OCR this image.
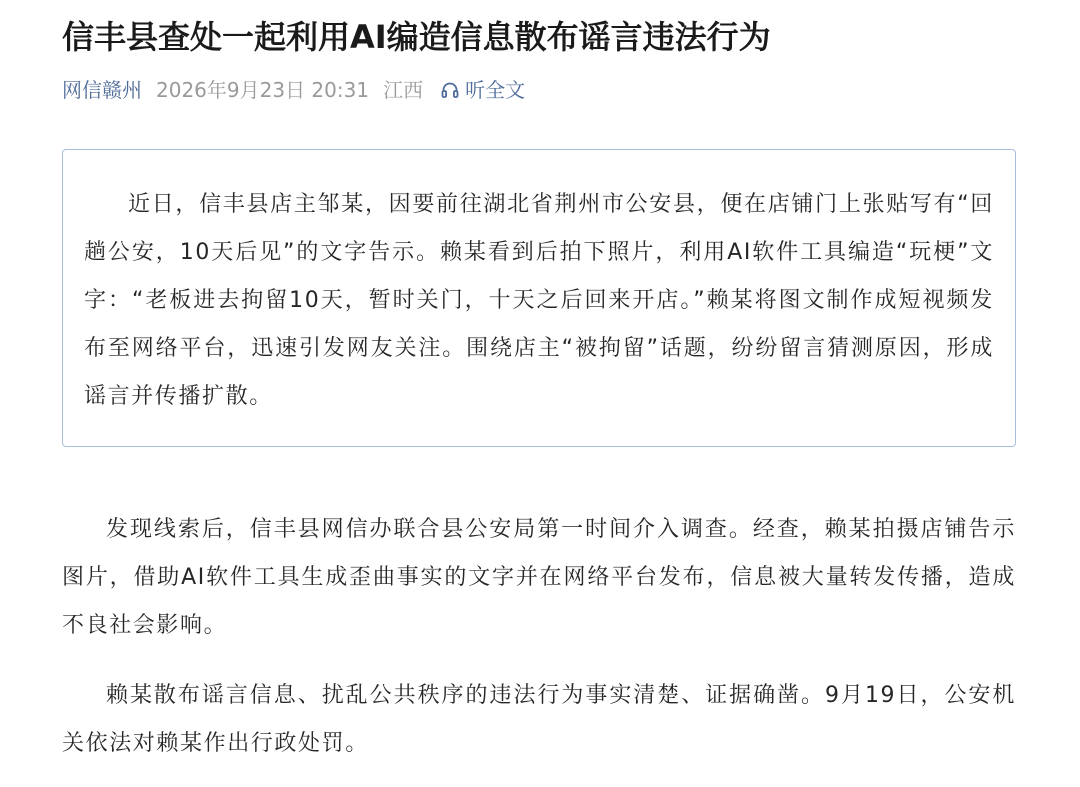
信丰县查处一起利用AI编造信息散布谣言违法行为
网信赣州 2026年9月23日 20:31 江西 听全文

近日，信丰县店主邹某，因要前往湖北省荆州市公安县，便在店铺门上张贴写有“回趟公安，10天后见”的文字告示。赖某看到后拍下照片，利用AI软件工具编造“玩梗”文字：“老板进去拘留10天，暂时关门，十天之后回来开店。”赖某将图文制作成短视频发布至网络平台，迅速引发网友关注。围绕店主“被拘留”话题，纷纷留言猜测原因，形成谣言并传播扩散。

发现线索后，信丰县网信办联合县公安局第一时间介入调查。经查，赖某拍摄店铺告示图片，借助AI软件工具生成歪曲事实的文字并在网络平台发布，信息被大量转发传播，造成不良社会影响。

赖某散布谣言信息、扰乱公共秩序的违法行为事实清楚、证据确凿。9月19日，公安机关依法对赖某作出行政处罚。
